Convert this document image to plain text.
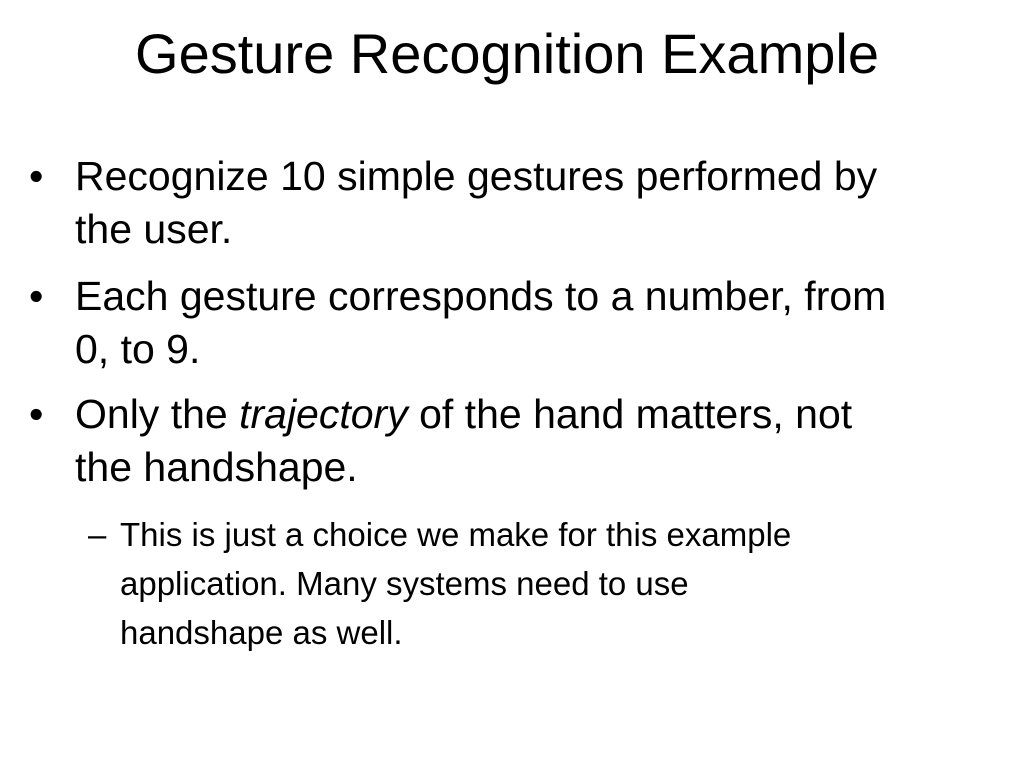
Gesture Recognition Example
• Recognize 10 simple gestures performed by
the user.
• Each gesture corresponds to a number, from
0, to 9.
• Only the trajectory of the hand matters, not
the handshape.
– This is just a choice we make for this example
application. Many systems need to use
handshape as well.
